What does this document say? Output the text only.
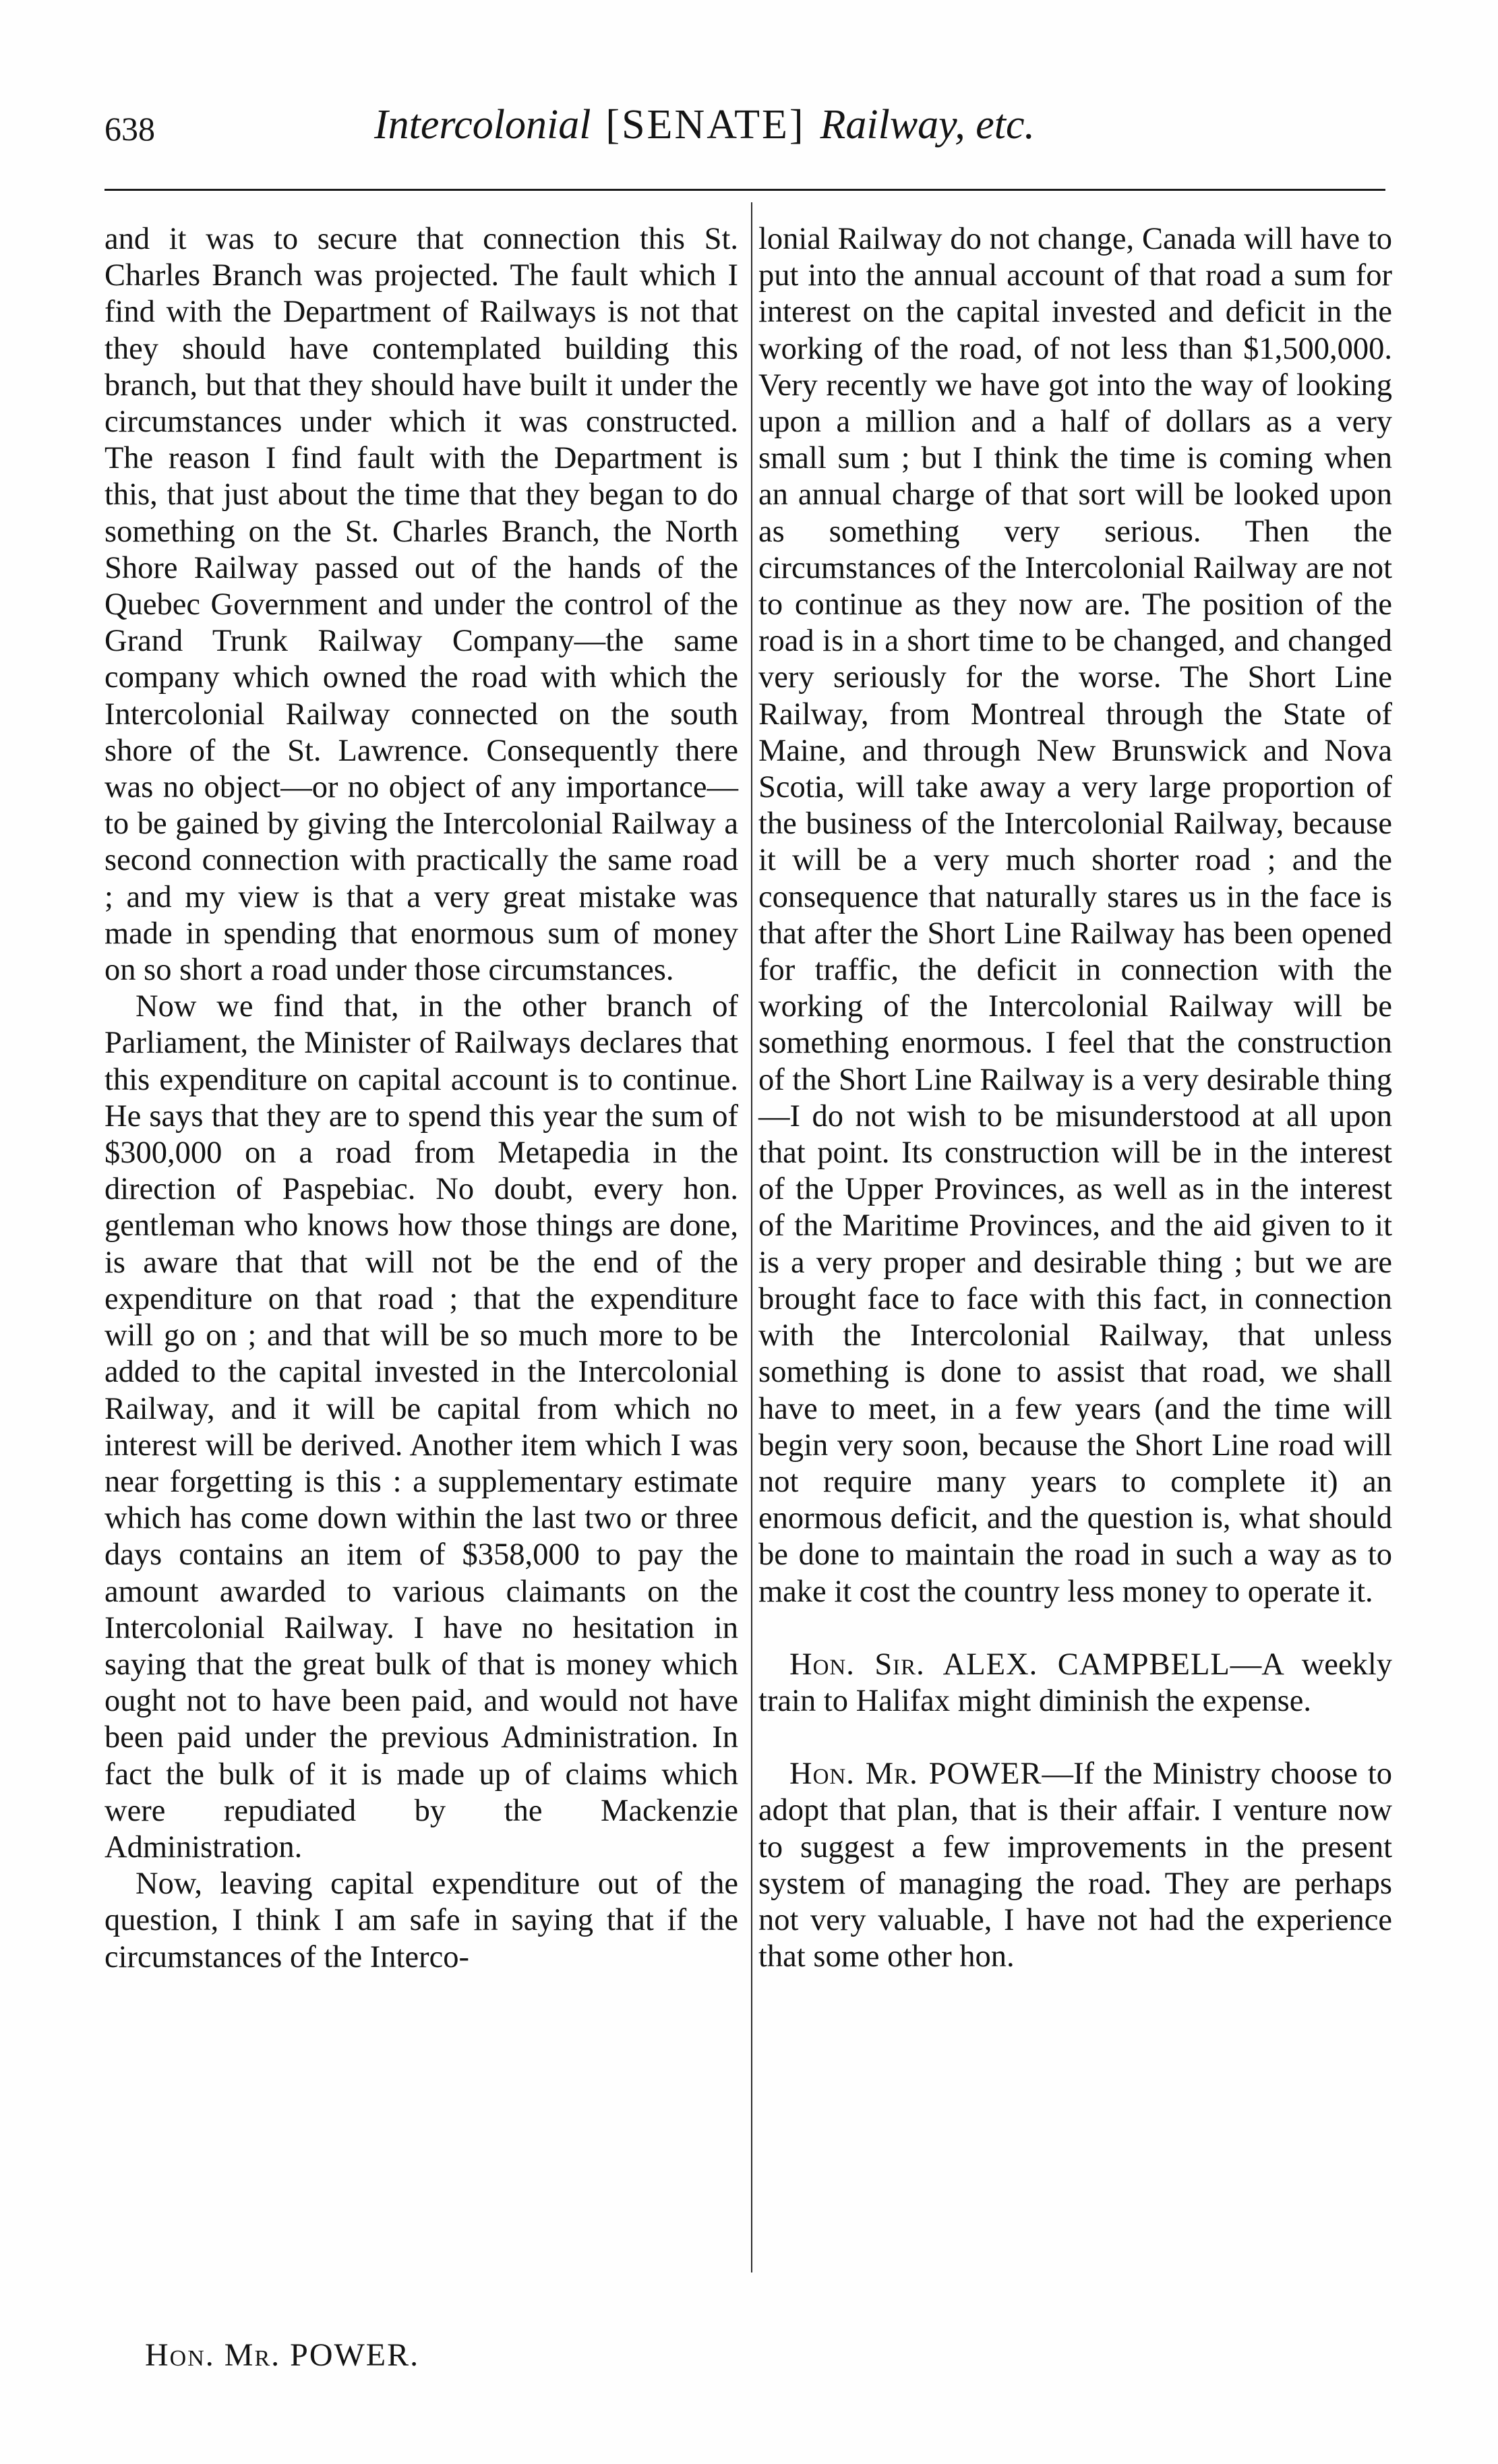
638	Intercolonial [SENATE] Railway, etc.

and it was to secure that connection this St. Charles Branch was projected. The fault which I find with the Department of Railways is not that they should have contemplated building this branch, but that they should have built it under the circumstances under which it was constructed. The reason I find fault with the Department is this, that just about the time that they began to do something on the St. Charles Branch, the North Shore Railway passed out of the hands of the Quebec Government and under the control of the Grand Trunk Railway Company—the same company which owned the road with which the Intercolonial Railway connected on the south shore of the St. Lawrence. Consequently there was no object—or no object of any importance—to be gained by giving the Intercolonial Railway a second connection with practically the same road ; and my view is that a very great mistake was made in spending that enormous sum of money on so short a road under those circumstances.

Now we find that, in the other branch of Parliament, the Minister of Railways declares that this expenditure on capital account is to continue. He says that they are to spend this year the sum of $300,000 on a road from Metapedia in the direction of Paspebiac. No doubt, every hon. gentleman who knows how those things are done, is aware that that will not be the end of the expenditure on that road ; that the expenditure will go on ; and that will be so much more to be added to the capital invested in the Intercolonial Railway, and it will be capital from which no interest will be derived. Another item which I was near forgetting is this : a supplementary estimate which has come down within the last two or three days contains an item of $358,000 to pay the amount awarded to various claimants on the Intercolonial Railway. I have no hesitation in saying that the great bulk of that is money which ought not to have been paid, and would not have been paid under the previous Administration. In fact the bulk of it is made up of claims which were repudiated by the Mackenzie Administration.

Now, leaving capital expenditure out of the question, I think I am safe in saying that if the circumstances of the Interco-

lonial Railway do not change, Canada will have to put into the annual account of that road a sum for interest on the capital invested and deficit in the working of the road, of not less than $1,500,000. Very recently we have got into the way of looking upon a million and a half of dollars as a very small sum ; but I think the time is coming when an annual charge of that sort will be looked upon as something very serious. Then the circumstances of the Intercolonial Railway are not to continue as they now are. The position of the road is in a short time to be changed, and changed very seriously for the worse. The Short Line Railway, from Montreal through the State of Maine, and through New Brunswick and Nova Scotia, will take away a very large proportion of the business of the Intercolonial Railway, because it will be a very much shorter road ; and the consequence that naturally stares us in the face is that after the Short Line Railway has been opened for traffic, the deficit in connection with the working of the Intercolonial Railway will be something enormous. I feel that the construction of the Short Line Railway is a very desirable thing—I do not wish to be misunderstood at all upon that point. Its construction will be in the interest of the Upper Provinces, as well as in the interest of the Maritime Provinces, and the aid given to it is a very proper and desirable thing ; but we are brought face to face with this fact, in connection with the Intercolonial Railway, that unless something is done to assist that road, we shall have to meet, in a few years (and the time will begin very soon, because the Short Line road will not require many years to complete it) an enormous deficit, and the question is, what should be done to maintain the road in such a way as to make it cost the country less money to operate it.

Hon. Sir. ALEX. CAMPBELL—A weekly train to Halifax might diminish the expense.

Hon. Mr. POWER—If the Ministry choose to adopt that plan, that is their affair. I venture now to suggest a few improvements in the present system of managing the road. They are perhaps not very valuable, I have not had the experience that some other hon.

Hon. Mr. POWER.
